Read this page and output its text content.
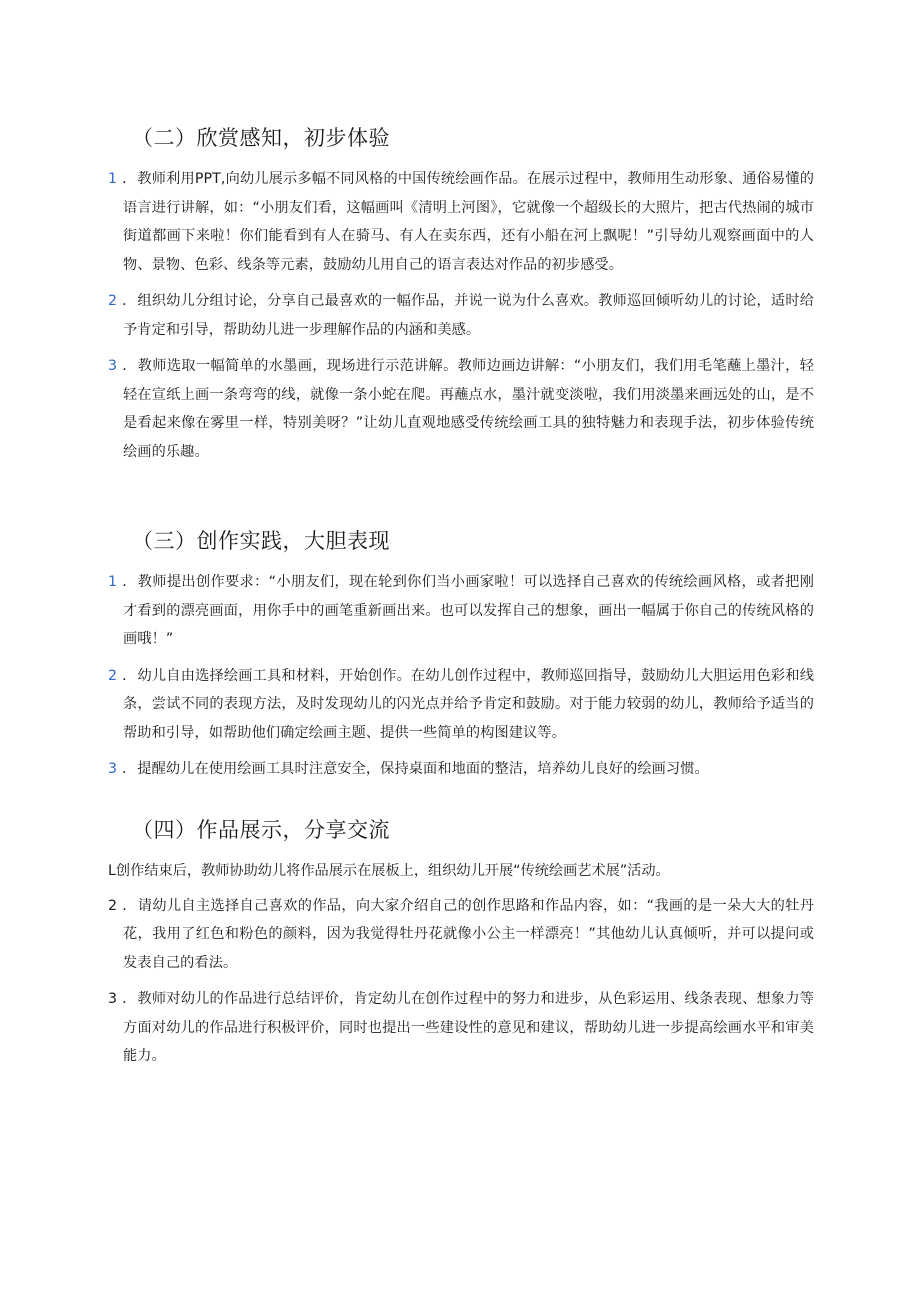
（二）欣赏感知，初步体验
1 ．教师利用PPT,向幼儿展示多幅不同风格的中国传统绘画作品。在展示过程中，教师用生动形象、通俗易懂的语言进行讲解，如：“小朋友们看，这幅画叫《清明上河图》，它就像一个超级长的大照片，把古代热闹的城市街道都画下来啦！你们能看到有人在骑马、有人在卖东西，还有小船在河上飘呢！”引导幼儿观察画面中的人物、景物、色彩、线条等元素，鼓励幼儿用自己的语言表达对作品的初步感受。
2 ．组织幼儿分组讨论，分享自己最喜欢的一幅作品，并说一说为什么喜欢。教师巡回倾听幼儿的讨论，适时给予肯定和引导，帮助幼儿进一步理解作品的内涵和美感。
3 ．教师选取一幅简单的水墨画，现场进行示范讲解。教师边画边讲解：“小朋友们，我们用毛笔蘸上墨汁，轻轻在宣纸上画一条弯弯的线，就像一条小蛇在爬。再蘸点水，墨汁就变淡啦，我们用淡墨来画远处的山，是不是看起来像在雾里一样，特别美呀？”让幼儿直观地感受传统绘画工具的独特魅力和表现手法，初步体验传统绘画的乐趣。
（三）创作实践，大胆表现
1 ．教师提出创作要求：“小朋友们，现在轮到你们当小画家啦！可以选择自己喜欢的传统绘画风格，或者把刚才看到的漂亮画面，用你手中的画笔重新画出来。也可以发挥自己的想象，画出一幅属于你自己的传统风格的画哦！”
2 ．幼儿自由选择绘画工具和材料，开始创作。在幼儿创作过程中，教师巡回指导，鼓励幼儿大胆运用色彩和线条，尝试不同的表现方法，及时发现幼儿的闪光点并给予肯定和鼓励。对于能力较弱的幼儿，教师给予适当的帮助和引导，如帮助他们确定绘画主题、提供一些简单的构图建议等。
3 ．提醒幼儿在使用绘画工具时注意安全，保持桌面和地面的整洁，培养幼儿良好的绘画习惯。
（四）作品展示，分享交流
L创作结束后，教师协助幼儿将作品展示在展板上，组织幼儿开展“传统绘画艺术展”活动。
2 ．请幼儿自主选择自己喜欢的作品，向大家介绍自己的创作思路和作品内容，如：“我画的是一朵大大的牡丹花，我用了红色和粉色的颜料，因为我觉得牡丹花就像小公主一样漂亮！”其他幼儿认真倾听，并可以提问或发表自己的看法。
3 ．教师对幼儿的作品进行总结评价，肯定幼儿在创作过程中的努力和进步，从色彩运用、线条表现、想象力等方面对幼儿的作品进行积极评价，同时也提出一些建设性的意见和建议，帮助幼儿进一步提高绘画水平和审美能力。
